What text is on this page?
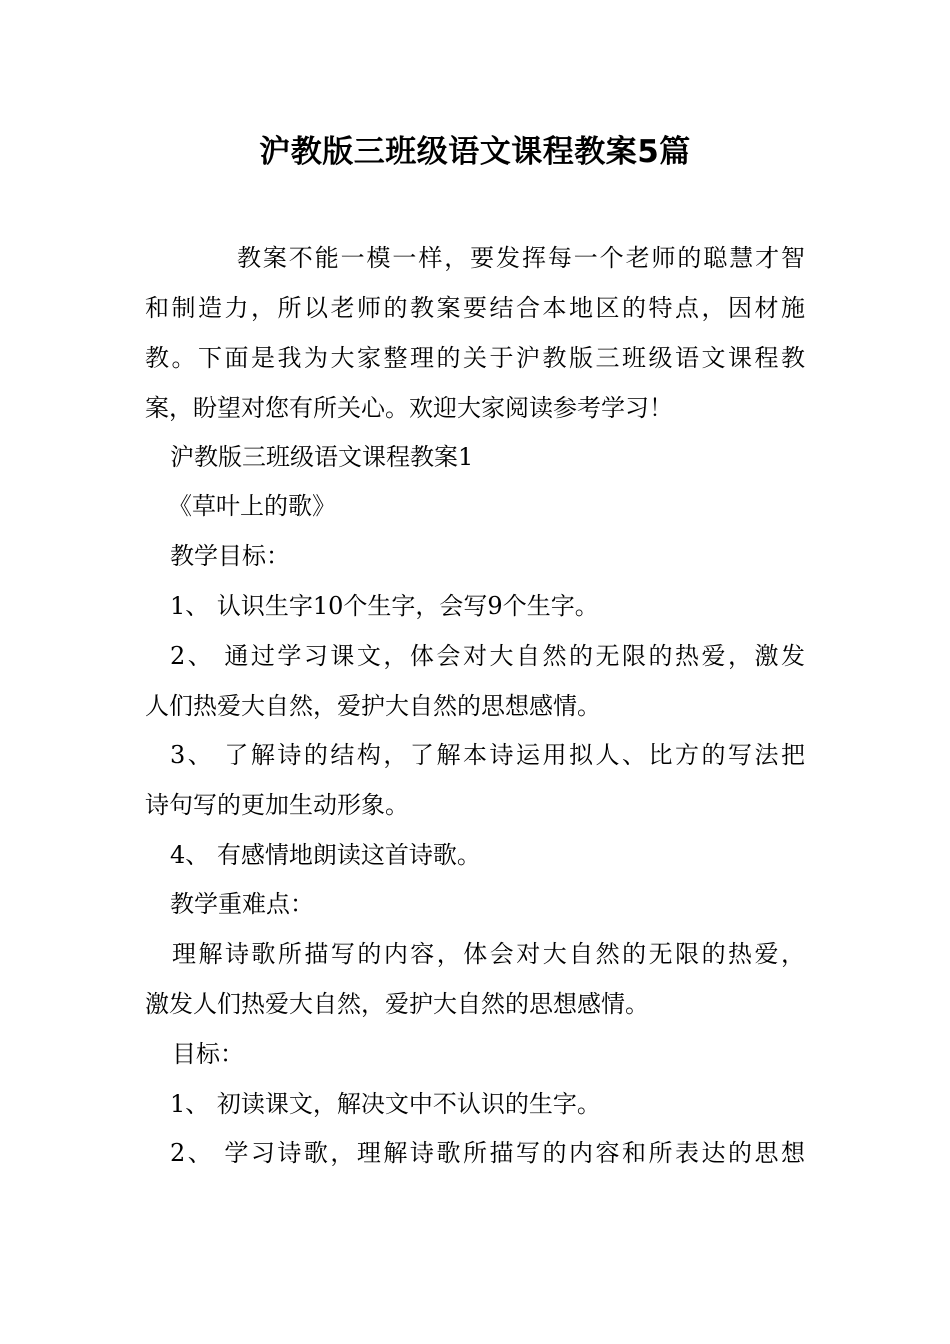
沪教版三班级语文课程教案5篇
教案不能一模一样，要发挥每一个老师的聪慧才智
和制造力，所以老师的教案要结合本地区的特点，因材施
教。下面是我为大家整理的关于沪教版三班级语文课程教
案，盼望对您有所关心。欢迎大家阅读参考学习！
沪教版三班级语文课程教案1
《草叶上的歌》
教学目标：
1、 认识生字10个生字，会写9个生字。
2、 通过学习课文，体会对大自然的无限的热爱，激发
人们热爱大自然，爱护大自然的思想感情。
3、 了解诗的结构，了解本诗运用拟人、比方的写法把
诗句写的更加生动形象。
4、 有感情地朗读这首诗歌。
教学重难点：
理解诗歌所描写的内容，体会对大自然的无限的热爱，
激发人们热爱大自然，爱护大自然的思想感情。
目标：
1、 初读课文，解决文中不认识的生字。
2、 学习诗歌，理解诗歌所描写的内容和所表达的思想
